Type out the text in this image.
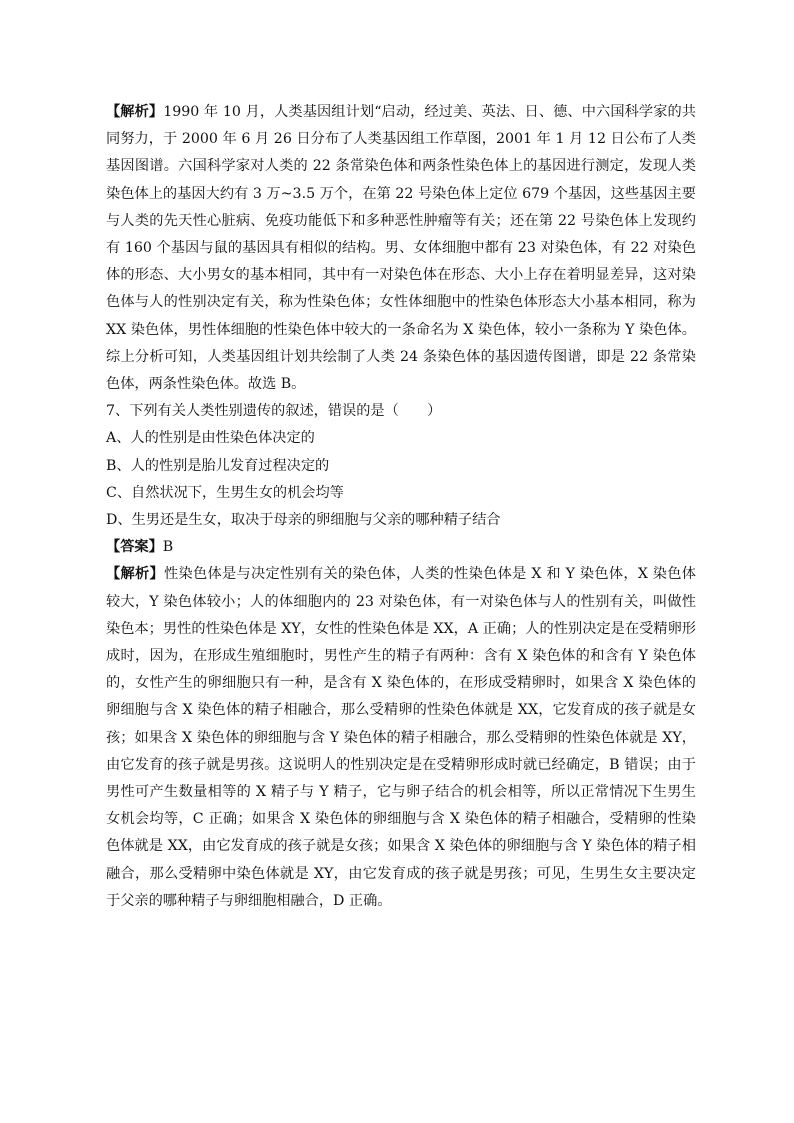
【解析】1990 年 10 月，人类基因组计划“启动，经过美、英法、日、德、中六国科学家的共同努力，于 2000 年 6 月 26 日分布了人类基因组工作草图，2001 年 1 月 12 日公布了人类基因图谱。六国科学家对人类的 22 条常染色体和两条性染色体上的基因进行测定，发现人类染色体上的基因大约有 3 万~3.5 万个，在第 22 号染色体上定位 679 个基因，这些基因主要与人类的先天性心脏病、免疫功能低下和多种恶性肿瘤等有关；还在第 22 号染色体上发现约有 160 个基因与鼠的基因具有相似的结构。男、女体细胞中都有 23 对染色体，有 22 对染色体的形态、大小男女的基本相同，其中有一对染色体在形态、大小上存在着明显差异，这对染色体与人的性别决定有关，称为性染色体；女性体细胞中的性染色体形态大小基本相同，称为 XX 染色体，男性体细胞的性染色体中较大的一条命名为 X 染色体，较小一条称为 Y 染色体。综上分析可知，人类基因组计划共绘制了人类 24 条染色体的基因遗传图谱，即是 22 条常染色体，两条性染色体。故选 B。

7、下列有关人类性别遗传的叙述，错误的是（　　）

A、人的性别是由性染色体决定的
B、人的性别是胎儿发育过程决定的
C、自然状况下，生男生女的机会均等
D、生男还是生女，取决于母亲的卵细胞与父亲的哪种精子结合

【答案】B

【解析】性染色体是与决定性别有关的染色体，人类的性染色体是 X 和 Y 染色体，X 染色体较大，Y 染色体较小；人的体细胞内的 23 对染色体，有一对染色体与人的性别有关，叫做性染色本；男性的性染色体是 XY，女性的性染色体是 XX，A 正确；人的性别决定是在受精卵形成时，因为，在形成生殖细胞时，男性产生的精子有两种：含有 X 染色体的和含有 Y 染色体的，女性产生的卵细胞只有一种，是含有 X 染色体的，在形成受精卵时，如果含 X 染色体的卵细胞与含 X 染色体的精子相融合，那么受精卵的性染色体就是 XX，它发育成的孩子就是女孩；如果含 X 染色体的卵细胞与含 Y 染色体的精子相融合，那么受精卵的性染色体就是 XY，由它发育的孩子就是男孩。这说明人的性别决定是在受精卵形成时就已经确定，B 错误；由于男性可产生数量相等的 X 精子与 Y 精子，它与卵子结合的机会相等，所以正常情况下生男生女机会均等，C 正确；如果含 X 染色体的卵细胞与含 X 染色体的精子相融合，受精卵的性染色体就是 XX，由它发育成的孩子就是女孩；如果含 X 染色体的卵细胞与含 Y 染色体的精子相融合，那么受精卵中染色体就是 XY，由它发育成的孩子就是男孩；可见，生男生女主要决定于父亲的哪种精子与卵细胞相融合，D 正确。
